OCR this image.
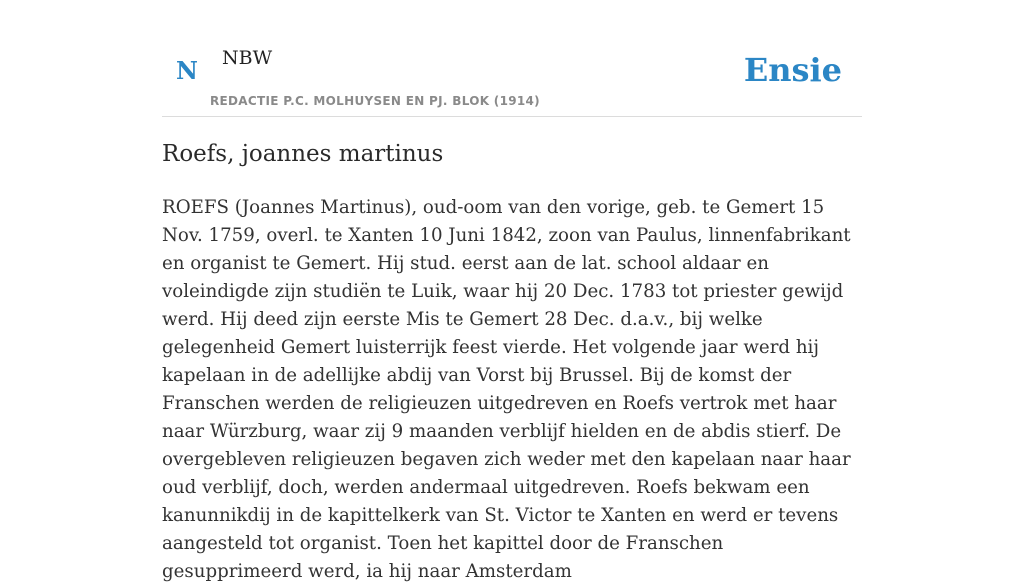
N NBW
REDACTIE P.C. MOLHUYSEN EN PJ. BLOK (1914)
Ensie
Roefs, joannes martinus

ROEFS (Joannes Martinus), oud-oom van den vorige, geb. te Gemert 15 Nov. 1759, overl. te Xanten 10 Juni 1842, zoon van Paulus, linnenfabrikant en organist te Gemert. Hij stud. eerst aan de lat. school aldaar en voleindigde zijn studiën te Luik, waar hij 20 Dec. 1783 tot priester gewijd werd. Hij deed zijn eerste Mis te Gemert 28 Dec. d.a.v., bij welke gelegenheid Gemert luisterrijk feest vierde. Het volgende jaar werd hij kapelaan in de adellijke abdij van Vorst bij Brussel. Bij de komst der Franschen werden de religieuzen uitgedreven en Roefs vertrok met haar naar Würzburg, waar zij 9 maanden verblijf hielden en de abdis stierf. De overgebleven religieuzen begaven zich weder met den kapelaan naar haar oud verblijf, doch, werden andermaal uitgedreven. Roefs bekwam een kanunnikdij in de kapittelkerk van St. Victor te Xanten en werd er tevens aangesteld tot organist. Toen het kapittel door de Franschen gesupprimeerd werd, ia hij naar Amsterdam
